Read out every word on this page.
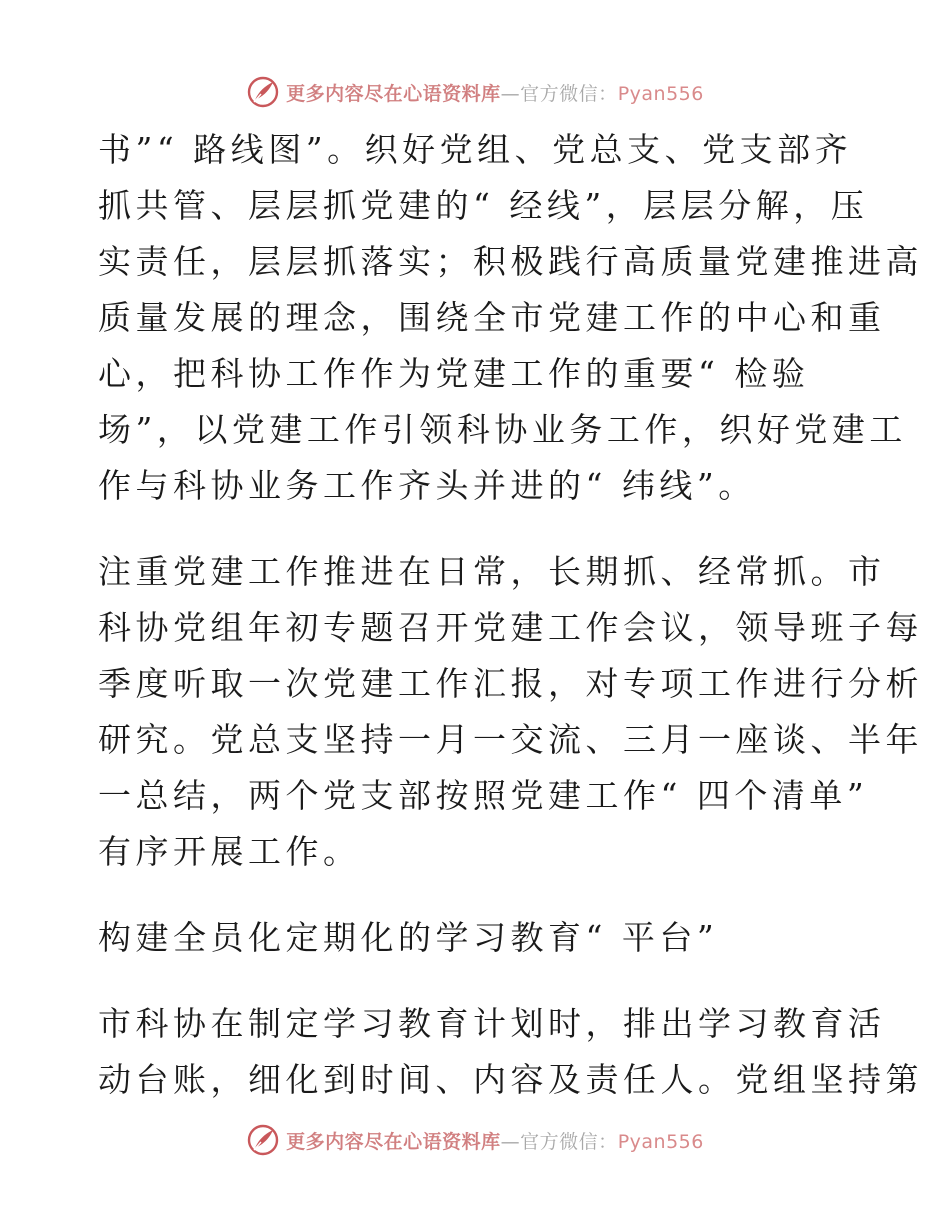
更多内容尽在心语资料库—官方微信：Pyan556
书”“ 路线图”。织好党组、党总支、党支部齐
抓共管、层层抓党建的“ 经线”，层层分解，压
实责任，层层抓落实；积极践行高质量党建推进高
质量发展的理念，围绕全市党建工作的中心和重
心，把科协工作作为党建工作的重要“ 检验
场”，以党建工作引领科协业务工作，织好党建工
作与科协业务工作齐头并进的“ 纬线”。
注重党建工作推进在日常，长期抓、经常抓。市
科协党组年初专题召开党建工作会议，领导班子每
季度听取一次党建工作汇报，对专项工作进行分析
研究。党总支坚持一月一交流、三月一座谈、半年
一总结，两个党支部按照党建工作“ 四个清单”
有序开展工作。
构建全员化定期化的学习教育“ 平台”
市科协在制定学习教育计划时，排出学习教育活
动台账，细化到时间、内容及责任人。党组坚持第
更多内容尽在心语资料库—官方微信：Pyan556
